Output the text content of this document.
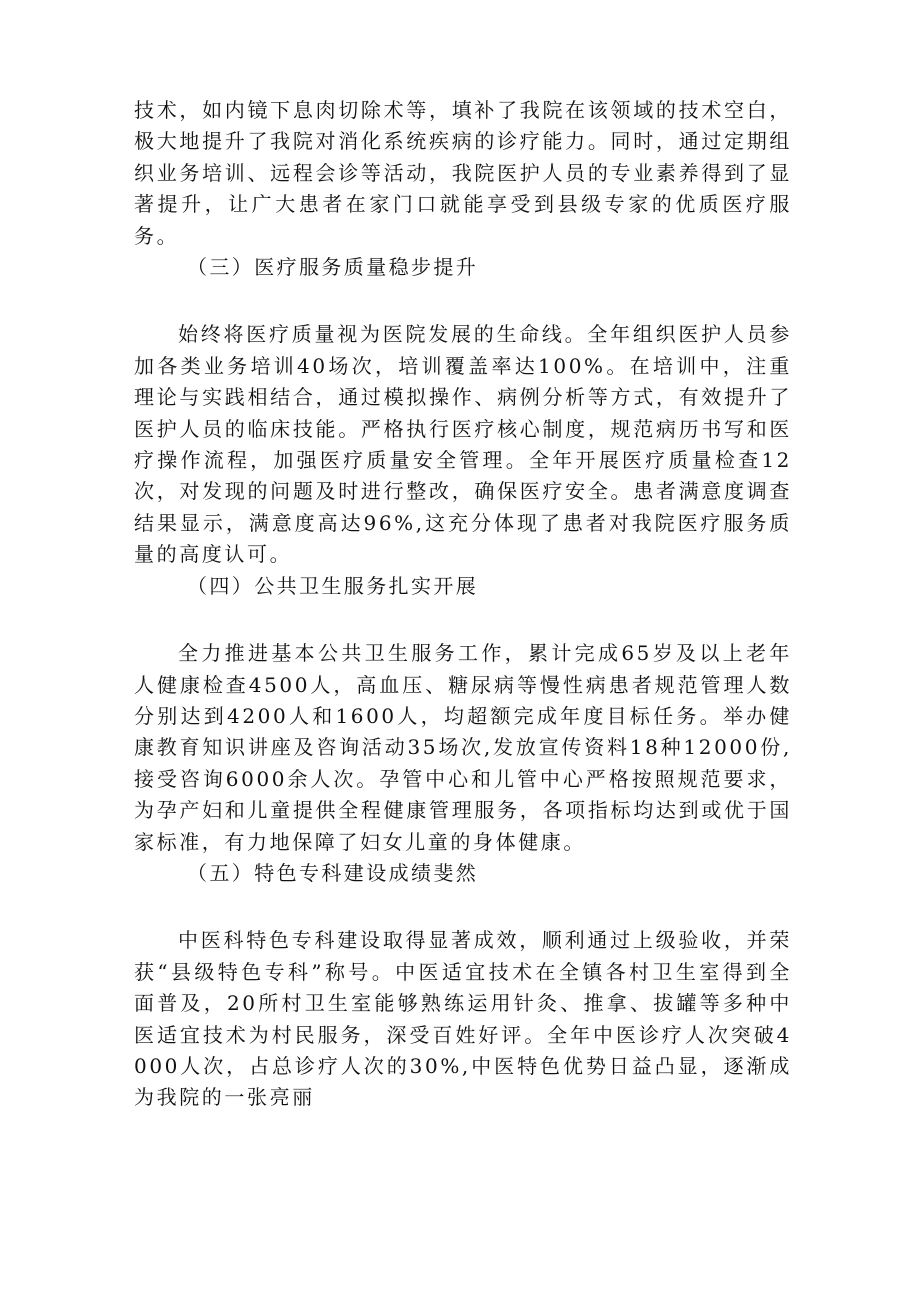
技术，如内镜下息肉切除术等，填补了我院在该领域的技术空白，极大地提升了我院对消化系统疾病的诊疗能力。同时，通过定期组织业务培训、远程会诊等活动，我院医护人员的专业素养得到了显著提升，让广大患者在家门口就能享受到县级专家的优质医疗服务。

（三）医疗服务质量稳步提升

始终将医疗质量视为医院发展的生命线。全年组织医护人员参加各类业务培训40场次，培训覆盖率达100%。在培训中，注重理论与实践相结合，通过模拟操作、病例分析等方式，有效提升了医护人员的临床技能。严格执行医疗核心制度，规范病历书写和医疗操作流程，加强医疗质量安全管理。全年开展医疗质量检查12次，对发现的问题及时进行整改，确保医疗安全。患者满意度调查结果显示，满意度高达96%,这充分体现了患者对我院医疗服务质量的高度认可。

（四）公共卫生服务扎实开展

全力推进基本公共卫生服务工作，累计完成65岁及以上老年人健康检查4500人，高血压、糖尿病等慢性病患者规范管理人数分别达到4200人和1600人，均超额完成年度目标任务。举办健康教育知识讲座及咨询活动35场次,发放宣传资料18种12000份,接受咨询6000余人次。孕管中心和儿管中心严格按照规范要求，为孕产妇和儿童提供全程健康管理服务，各项指标均达到或优于国家标准，有力地保障了妇女儿童的身体健康。

（五）特色专科建设成绩斐然

中医科特色专科建设取得显著成效，顺利通过上级验收，并荣获“县级特色专科”称号。中医适宜技术在全镇各村卫生室得到全面普及，20所村卫生室能够熟练运用针灸、推拿、拔罐等多种中医适宜技术为村民服务，深受百姓好评。全年中医诊疗人次突破4000人次，占总诊疗人次的30%,中医特色优势日益凸显，逐渐成为我院的一张亮丽
